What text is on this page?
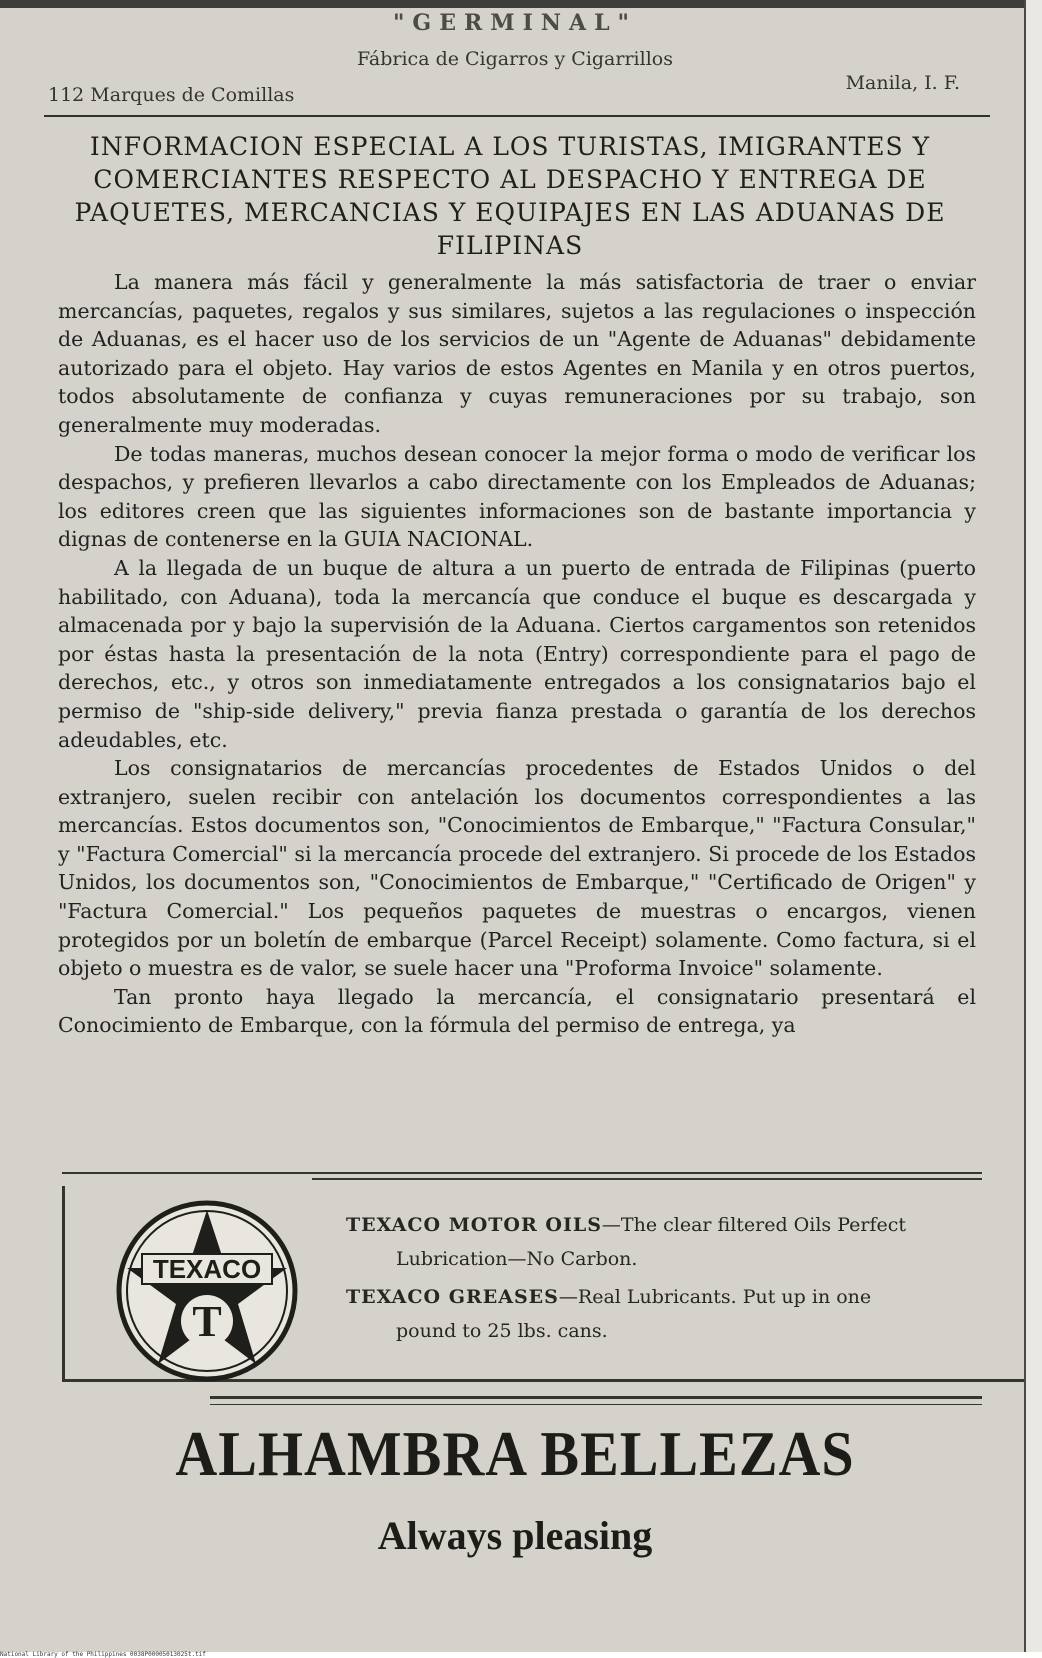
"GERMINAL"
Fábrica de Cigarros y Cigarrillos
112 Marques de Comillas
Manila, I. F.
INFORMACION ESPECIAL A LOS TURISTAS, IMIGRANTES Y COMERCIANTES RESPECTO AL DESPACHO Y ENTREGA DE PAQUETES, MERCANCIAS Y EQUIPAJES EN LAS ADUANAS DE FILIPINAS

La manera más fácil y generalmente la más satisfactoria de traer o enviar mercancías, paquetes, regalos y sus similares, sujetos a las regulaciones o inspección de Aduanas, es el hacer uso de los servicios de un "Agente de Aduanas" debidamente autorizado para el objeto. Hay varios de estos Agentes en Manila y en otros puertos, todos absolutamente de confianza y cuyas remuneraciones por su trabajo, son generalmente muy moderadas.

De todas maneras, muchos desean conocer la mejor forma o modo de verificar los despachos, y prefieren llevarlos a cabo directamente con los Empleados de Aduanas; los editores creen que las siguientes informaciones son de bastante importancia y dignas de contenerse en la GUIA NACIONAL.

A la llegada de un buque de altura a un puerto de entrada de Filipinas (puerto habilitado, con Aduana), toda la mercancía que conduce el buque es descargada y almacenada por y bajo la supervisión de la Aduana. Ciertos cargamentos son retenidos por éstas hasta la presentación de la nota (Entry) correspondiente para el pago de derechos, etc., y otros son inmediatamente entregados a los consignatarios bajo el permiso de "ship-side delivery," previa fianza prestada o garantía de los derechos adeudables, etc.

Los consignatarios de mercancías procedentes de Estados Unidos o del extranjero, suelen recibir con antelación los documentos correspondientes a las mercancías. Estos documentos son, "Conocimientos de Embarque," "Factura Consular," y "Factura Comercial" si la mercancía procede del extranjero. Si procede de los Estados Unidos, los documentos son, "Conocimientos de Embarque," "Certificado de Origen" y "Factura Comercial." Los pequeños paquetes de muestras o encargos, vienen protegidos por un boletín de embarque (Parcel Receipt) solamente. Como factura, si el objeto o muestra es de valor, se suele hacer una "Proforma Invoice" solamente.

Tan pronto haya llegado la mercancía, el consignatario presentará el Conocimiento de Embarque, con la fórmula del permiso de entrega, ya

TEXACO
T
TEXACO MOTOR OILS—The clear filtered Oils Perfect
Lubrication—No Carbon.
TEXACO GREASES—Real Lubricants. Put up in one
pound to 25 lbs. cans.
ALHAMBRA BELLEZAS
Always pleasing
National Library of the Philippines 0038P00005013025t.tif
